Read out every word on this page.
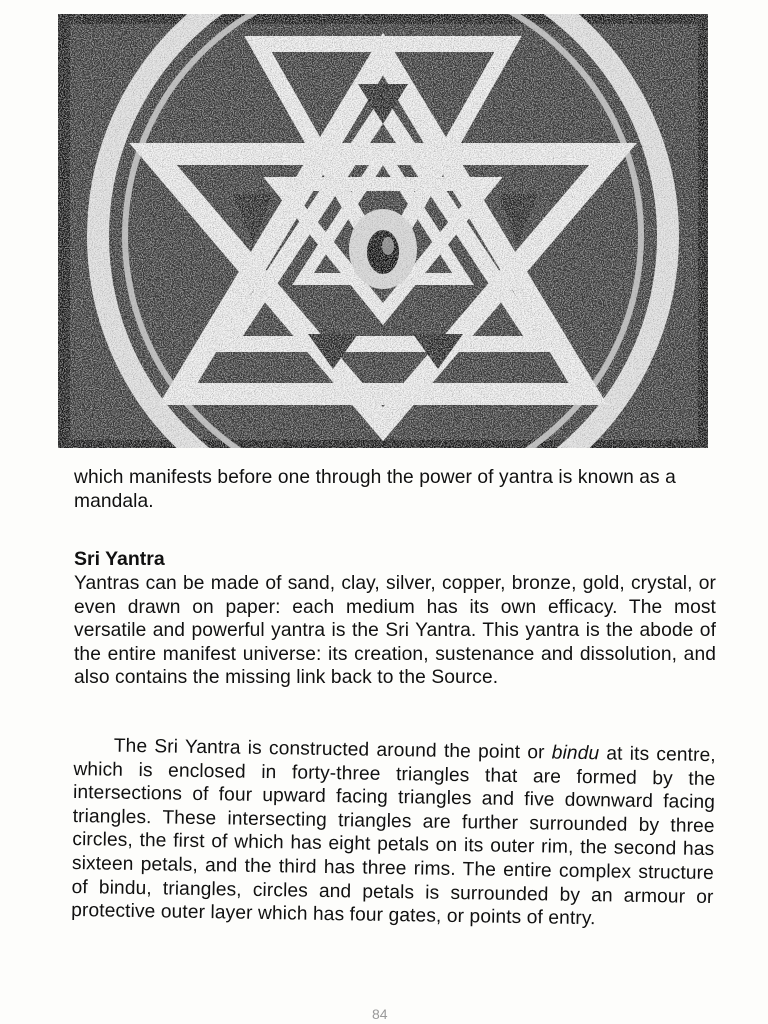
which manifests before one through the power of yantra is known as a mandala.

Sri Yantra

Yantras can be made of sand, clay, silver, copper, bronze, gold, crystal, or even drawn on paper: each medium has its own efficacy. The most versatile and powerful yantra is the Sri Yantra. This yantra is the abode of the entire manifest universe: its creation, sustenance and dissolution, and also contains the missing link back to the Source.

The Sri Yantra is constructed around the point or bindu at its centre, which is enclosed in forty-three triangles that are formed by the intersections of four upward facing triangles and five downward facing triangles. These intersecting triangles are further surrounded by three circles, the first of which has eight petals on its outer rim, the second has sixteen petals, and the third has three rims. The entire complex structure of bindu, triangles, circles and petals is surrounded by an armour or protective outer layer which has four gates, or points of entry.

84
